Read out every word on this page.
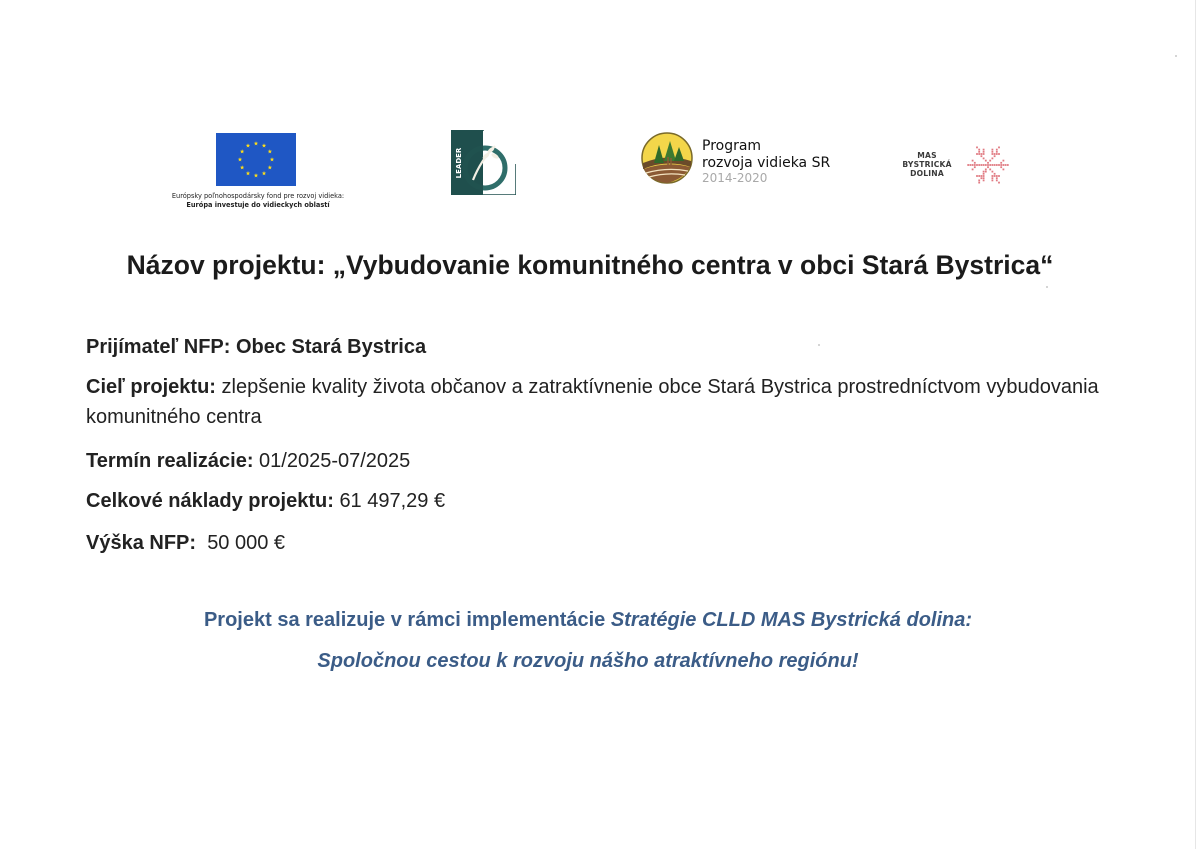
Európsky poľnohospodársky fond pre rozvoj vidieka:
Európa investuje do vidieckych oblastí
LEADER
Program
rozvoja vidieka SR
2014-2020
MAS
BYSTRICKÁ
DOLINA
Názov projektu: „Vybudovanie komunitného centra v obci Stará Bystrica“
Prijímateľ NFP: Obec Stará Bystrica
Cieľ projektu: zlepšenie kvality života občanov a zatraktívnenie obce Stará Bystrica prostredníctvom vybudovania komunitného centra
Termín realizácie: 01/2025-07/2025
Celkové náklady projektu: 61 497,29 €
Výška NFP: 50 000 €
Projekt sa realizuje v rámci implementácie Stratégie CLLD MAS Bystrická dolina:
Spoločnou cestou k rozvoju nášho atraktívneho regiónu!
